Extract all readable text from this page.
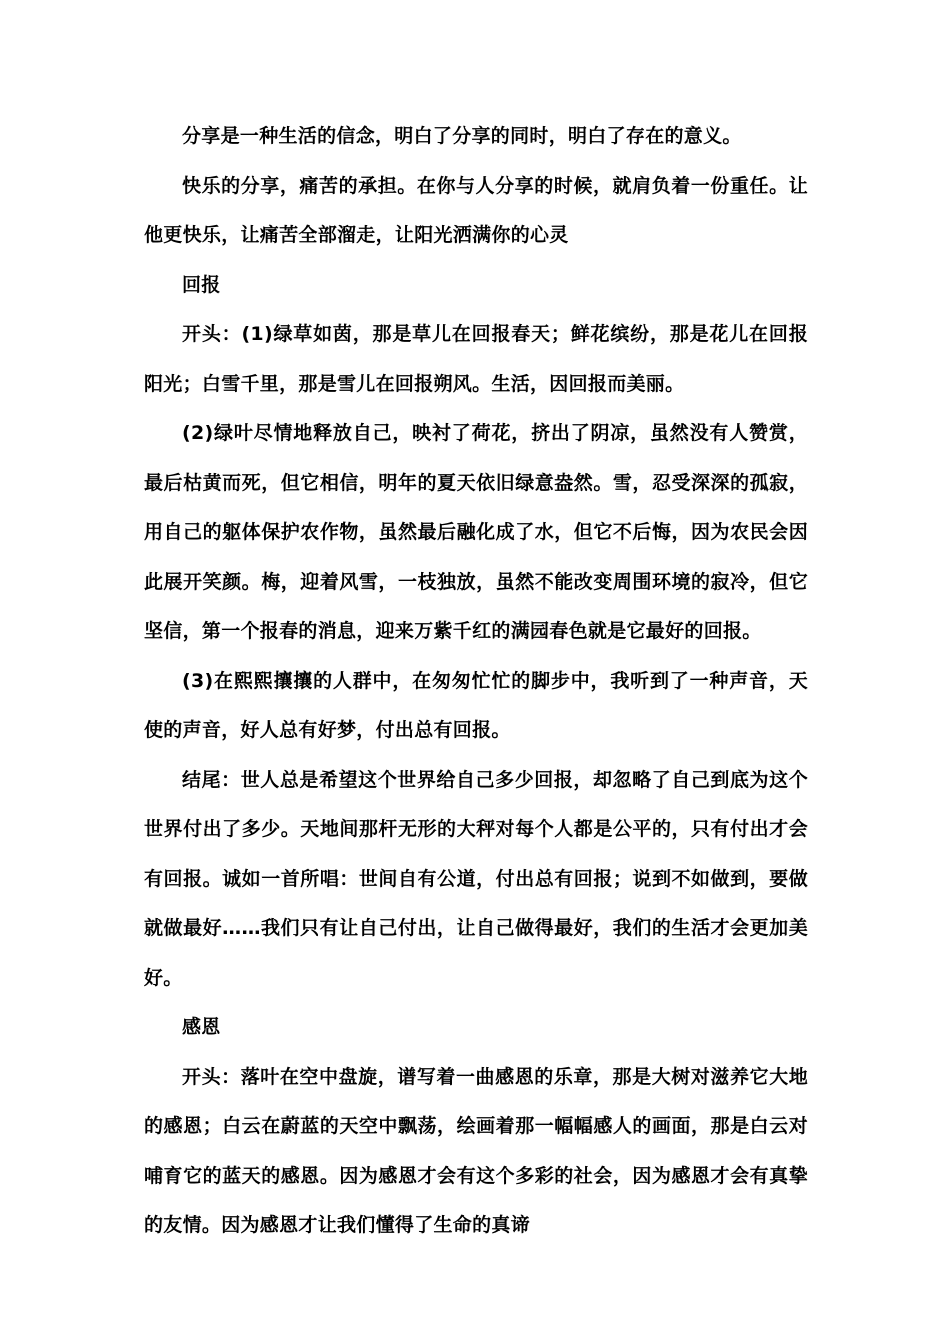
分享是一种生活的信念，明白了分享的同时，明白了存在的意义。

快乐的分享，痛苦的承担。在你与人分享的时候，就肩负着一份重任。让他更快乐，让痛苦全部溜走，让阳光洒满你的心灵

回报

开头：(1)绿草如茵，那是草儿在回报春天；鲜花缤纷，那是花儿在回报阳光；白雪千里，那是雪儿在回报朔风。生活，因回报而美丽。

(2)绿叶尽情地释放自己，映衬了荷花，挤出了阴凉，虽然没有人赞赏，最后枯黄而死，但它相信，明年的夏天依旧绿意盎然。雪，忍受深深的孤寂，用自己的躯体保护农作物，虽然最后融化成了水，但它不后悔，因为农民会因此展开笑颜。梅，迎着风雪，一枝独放，虽然不能改变周围环境的寂冷，但它坚信，第一个报春的消息，迎来万紫千红的满园春色就是它最好的回报。

(3)在熙熙攘攘的人群中，在匆匆忙忙的脚步中，我听到了一种声音，天使的声音，好人总有好梦，付出总有回报。

结尾：世人总是希望这个世界给自己多少回报，却忽略了自己到底为这个世界付出了多少。天地间那杆无形的大秤对每个人都是公平的，只有付出才会有回报。诚如一首所唱：世间自有公道，付出总有回报；说到不如做到，要做就做最好……我们只有让自己付出，让自己做得最好，我们的生活才会更加美好。

感恩

开头：落叶在空中盘旋，谱写着一曲感恩的乐章，那是大树对滋养它大地的感恩；白云在蔚蓝的天空中飘荡，绘画着那一幅幅感人的画面，那是白云对哺育它的蓝天的感恩。因为感恩才会有这个多彩的社会，因为感恩才会有真挚的友情。因为感恩才让我们懂得了生命的真谛
